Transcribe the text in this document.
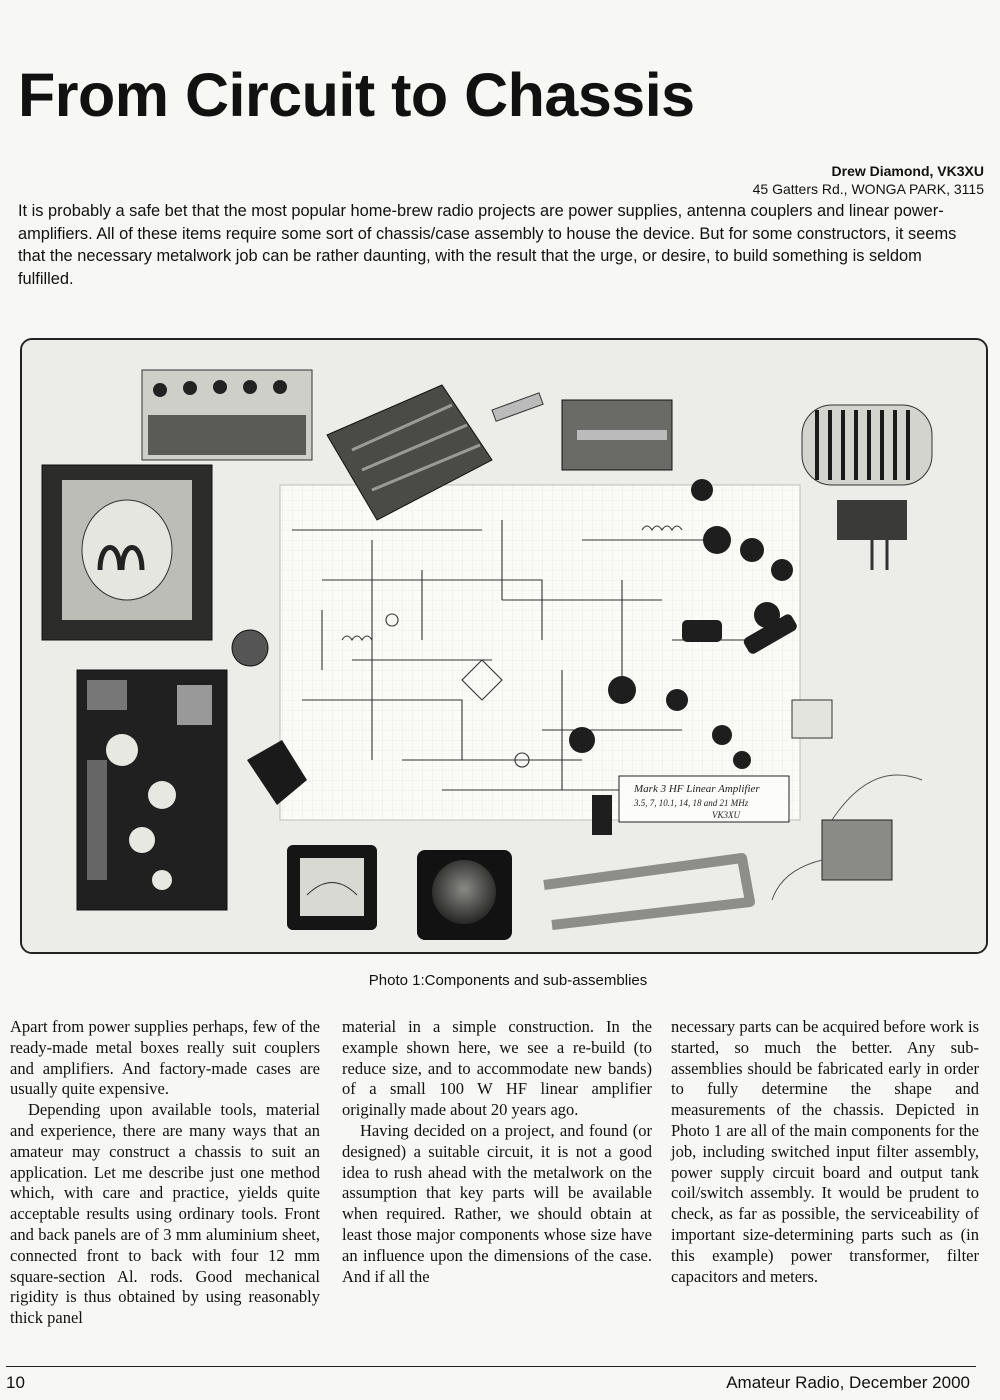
From Circuit to Chassis
Drew Diamond, VK3XU
45 Gatters Rd., WONGA PARK, 3115
It is probably a safe bet that the most popular home-brew radio projects are power supplies, antenna couplers and linear power-amplifiers. All of these items require some sort of chassis/case assembly to house the device. But for some constructors, it seems that the necessary metalwork job can be rather daunting, with the result that the urge, or desire, to build something is seldom fulfilled.
Mark 3 HF Linear Amplifier
3.5, 7, 10.1, 14, 18 and 21 MHz
VK3XU
Photo 1:Components and sub-assemblies

Apart from power supplies perhaps, few of the ready-made metal boxes really suit couplers and amplifiers. And factory-made cases are usually quite expensive.

Depending upon available tools, material and experience, there are many ways that an amateur may construct a chassis to suit an application. Let me describe just one method which, with care and practice, yields quite acceptable results using ordinary tools. Front and back panels are of 3 mm aluminium sheet, connected front to back with four 12 mm square-section Al. rods. Good mechanical rigidity is thus obtained by using reasonably thick panel

material in a simple construction. In the example shown here, we see a re-build (to reduce size, and to accommodate new bands) of a small 100 W HF linear amplifier originally made about 20 years ago.

Having decided on a project, and found (or designed) a suitable circuit, it is not a good idea to rush ahead with the metalwork on the assumption that key parts will be available when required. Rather, we should obtain at least those major components whose size have an influence upon the dimensions of the case. And if all the

necessary parts can be acquired before work is started, so much the better. Any sub-assemblies should be fabricated early in order to fully determine the shape and measurements of the chassis. Depicted in Photo 1 are all of the main components for the job, including switched input filter assembly, power supply circuit board and output tank coil/switch assembly. It would be prudent to check, as far as possible, the serviceability of important size-determining parts such as (in this example) power transformer, filter capacitors and meters.

10	Amateur Radio, December 2000
